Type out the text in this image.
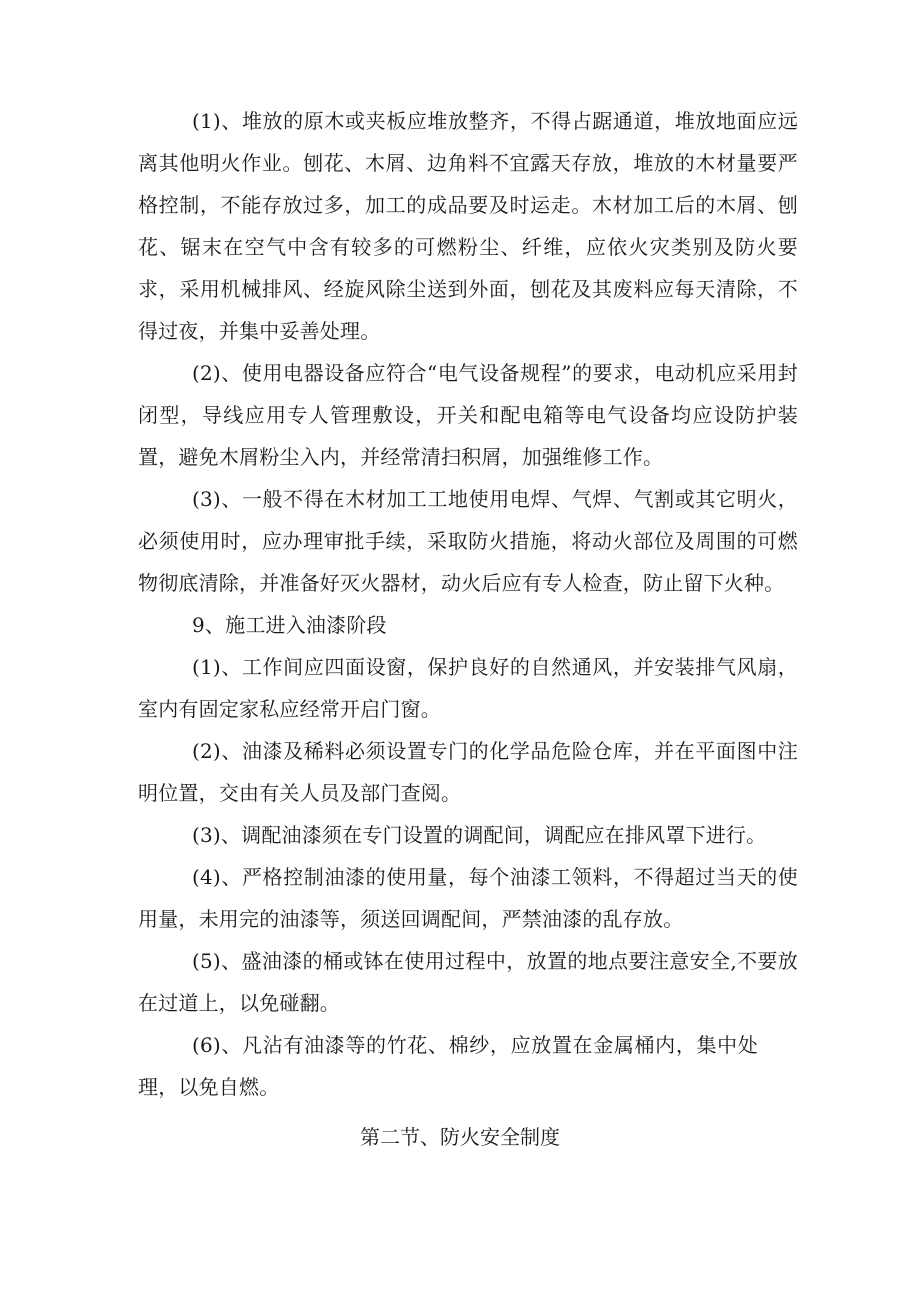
(1)、堆放的原木或夹板应堆放整齐，不得占踞通道，堆放地面应远离其他明火作业。刨花、木屑、边角料不宜露天存放，堆放的木材量要严格控制，不能存放过多，加工的成品要及时运走。木材加工后的木屑、刨花、锯末在空气中含有较多的可燃粉尘、纤维，应依火灾类别及防火要求，采用机械排风、经旋风除尘送到外面，刨花及其废料应每天清除，不得过夜，并集中妥善处理。

(2)、使用电器设备应符合“电气设备规程”的要求，电动机应采用封闭型，导线应用专人管理敷设，开关和配电箱等电气设备均应设防护装置，避免木屑粉尘入内，并经常清扫积屑，加强维修工作。

(3)、一般不得在木材加工工地使用电焊、气焊、气割或其它明火，必须使用时，应办理审批手续，采取防火措施，将动火部位及周围的可燃物彻底清除，并准备好灭火器材，动火后应有专人检查，防止留下火种。

9、施工进入油漆阶段

(1)、工作间应四面设窗，保护良好的自然通风，并安装排气风扇，室内有固定家私应经常开启门窗。

(2)、油漆及稀料必须设置专门的化学品危险仓库，并在平面图中注明位置，交由有关人员及部门查阅。

(3)、调配油漆须在专门设置的调配间，调配应在排风罩下进行。

(4)、严格控制油漆的使用量，每个油漆工领料，不得超过当天的使用量，未用完的油漆等，须送回调配间，严禁油漆的乱存放。

(5)、盛油漆的桶或钵在使用过程中，放置的地点要注意安全,不要放在过道上，以免碰翻。

(6)、凡沾有油漆等的竹花、棉纱，应放置在金属桶内，集中处理，以免自燃。

第二节、防火安全制度
